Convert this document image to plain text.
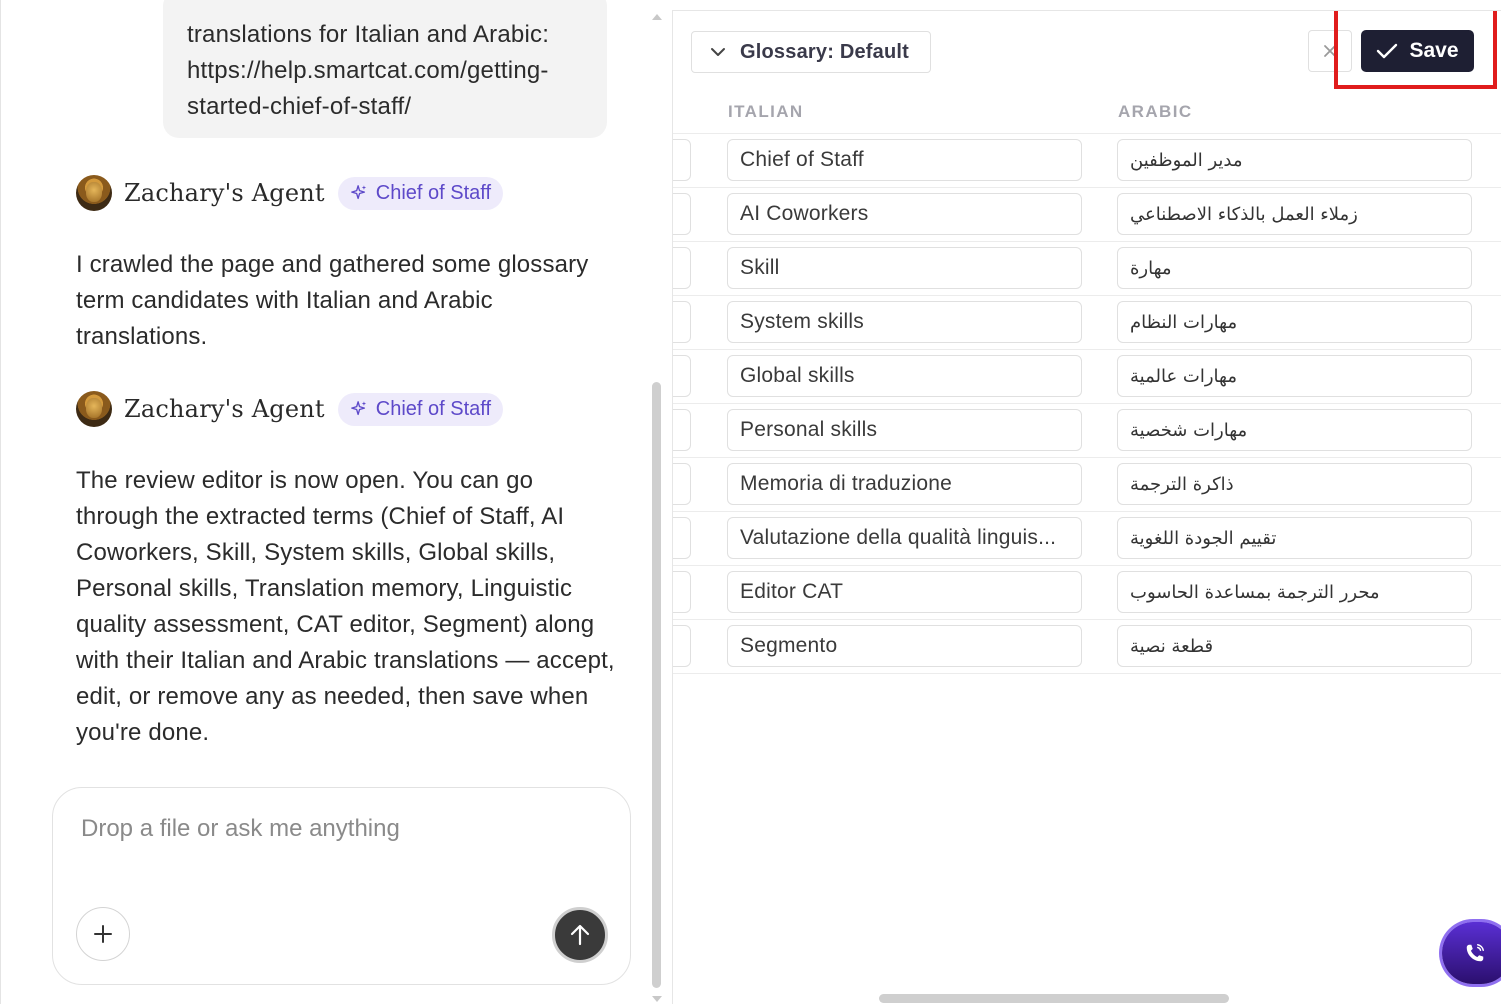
translations for Italian and Arabic:
https://help.smartcat.com/getting-
started-chief-of-staff/
Zachary's Agent	Chief of Staff
I crawled the page and gathered some glossary term candidates with Italian and Arabic translations.
Zachary's Agent	Chief of Staff
The review editor is now open. You can go through the extracted terms (Chief of Staff, AI Coworkers, Skill, System skills, Global skills, Personal skills, Translation memory, Linguistic quality assessment, CAT editor, Segment) along with their Italian and Arabic translations — accept, edit, or remove any as needed, then save when you're done.
Drop a file or ask me anything
Glossary: Default	Save
ITALIAN	ARABIC
Chief of Staff	مدير الموظفين
AI Coworkers	زملاء العمل بالذكاء الاصطناعي
Skill	مهارة
System skills	مهارات النظام
Global skills	مهارات عالمية
Personal skills	مهارات شخصية
Memoria di traduzione	ذاكرة الترجمة
Valutazione della qualità linguis...	تقييم الجودة اللغوية
Editor CAT	محرر الترجمة بمساعدة الحاسوب
Segmento	قطعة نصية
